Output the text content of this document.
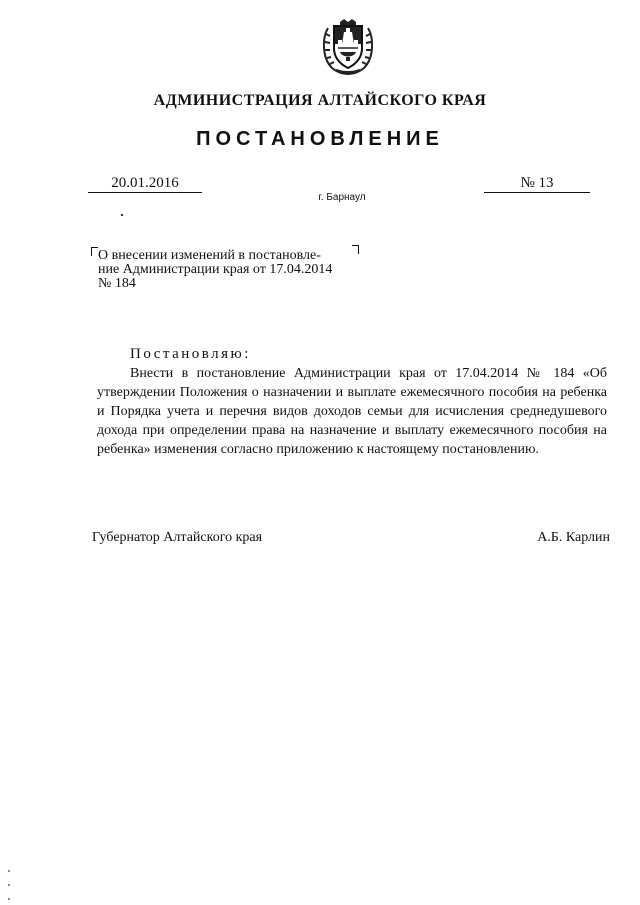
АДМИНИСТРАЦИЯ АЛТАЙСКОГО КРАЯ
ПОСТАНОВЛЕНИЕ
20.01.2016	№ 13
г. Барнаул

О внесении изменений в постановле-

ние Администрации края от 17.04.2014

№ 184

Постановляю:

Внести в постановление Администрации края от 17.04.2014 № 184 «Об утверждении Положения о назначении и выплате ежемесячного пособия на ребенка и Порядка учета и перечня видов доходов семьи для исчисления среднедушевого дохода при определении права на назначение и выплату ежемесячного пособия на ребенка» изменения согласно приложению к настоящему постановлению.

Губернатор Алтайского края	А.Б. Карлин
